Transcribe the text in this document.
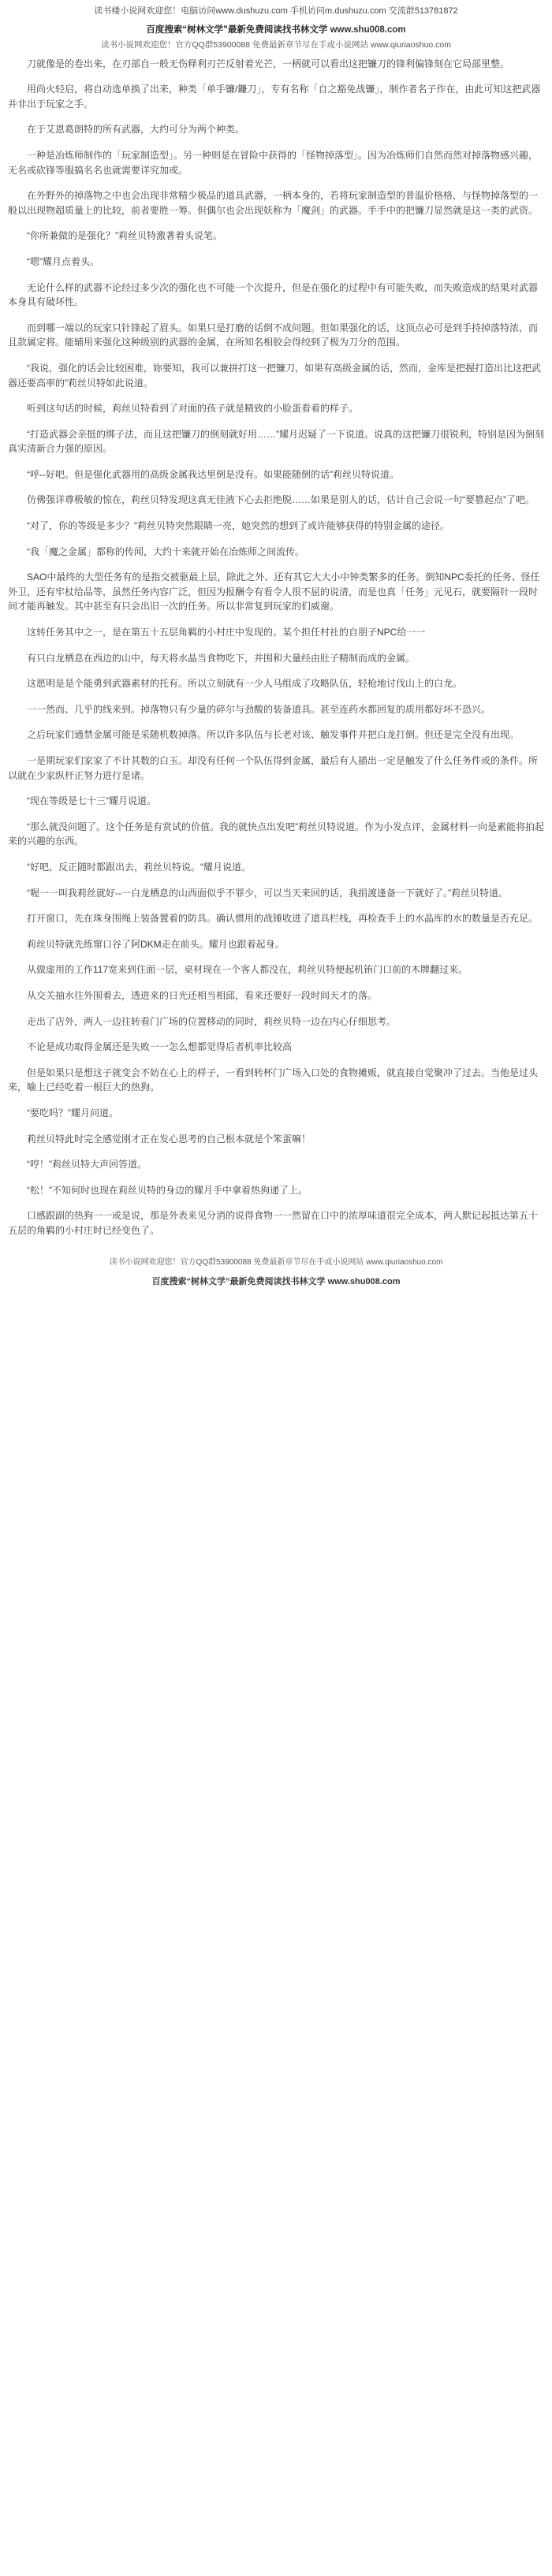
读书楼小说网欢迎您！电脑访问www.dushuzu.com 手机访问m.dushuzu.com 交流群513781872
百度搜索“树林文学”最新免费阅读找书林文学 www.shu008.com
读书小说网欢迎您！官方QQ群53900088 免费最新章节尽在手或小说网站 www.qiuriaoshuo.com

刀就像是的卷出来，在刃部自一般无伤释利刃芒反射着光芒，一柄就可以看出这把镰刀的锋利偏锋刻在它局部里整。

用尚火轻启，将自动选单换了出来，种类「单手镰/鐮刀」，专有名称「自之豁免战镰」，制作者名子作在，由此可知这把武器并非出于玩家之手。

在于艾恩葛朗特的所有武器，大约可分为两个种类。

一种是冶炼师制作的「玩家制造型」。另一种则是在冒险中获得的「怪物掉落型」。因为冶炼师们自然而然对掉落物感兴趣，无名或砍锋等服搞名名也就需要详究加或。

在外野外的掉落物之中也会出现非常精少极品的道具武器，一柄本身的，若将玩家制造型的普温价格格，与怪物掉落型的一般以出现物超质量上的比较，前者要胜一筹。但偶尔也会出现妖称为「魔剑」的武器。手手中的把镰刀显然就是这一类的武资。

“你所兼做的是强化？”莉丝贝特激著着头说笔。

“嗯”耀月点着头。

无论什么样的武器不论经过多少次的强化也不可能一个次提升，但是在强化的过程中有可能失败，而失败造成的结果对武器本身具有破坏性。

而到哪一端以的玩家只针锋起了眉头。如果只是打磨的话倒不成问题。但如果强化的话，这顶点必可是到手持掉落特浓，而且款属定将。能辅用来强化这种级别的武器的金属，在所知名相胶会得绞到了极为刀分的范围。

“我说，强化的话会比较困难，妳要知，我可以兼拼打这一把镰刀，如果有高级金属的话，然而，金库是把握打造出比这把武器还要高率的”莉丝贝特如此说道。

听到这句话的时候，莉丝贝特看到了对面的孩子就是精致的小脸蛋看着的样子。

“打造武器会亲挺的绑子法，而且这把镰刀的倒刻就好用……”耀月迟疑了一下说道。说真的这把镰刀很锐利，特别是因为倒刻真实清新合力强的原因。

“呼--好吧。但是强化武器用的高级金属我达里倒是没有。如果能随倒的话”莉丝贝特说道。

仿佛强详尊极敏的惊在，莉丝贝特发现这真无佳液下心去拒绝脱……如果是别人的话，估计自己会说一句“要篡起点”了吧。

“对了，你的等级是多少？”莉丝贝特突然眼睛一亮，她突然的想到了或许能够获得的特别金属的途径。

“我「魔之金属」都称的传闻，大约十来就开始在冶炼师之间流传。

SAO中最终的大型任务有的是指交被驱最上层，除此之外、还有其它大大小中钟类繁多的任务。倒知NPC委托的任务、怪任外卫，还有牢杖给品等，虽然任务内容广泛，但因为报酬令有看令人很不屈的说清，而是也真「任务」元见石，就要隔针一段时间才能再触发。其中甚至有只会出旧一次的任务。所以非常复到玩家的们威谢。

这转任务其中之一，是在第五十五层角羁的小村庄中发现的。某个担任村社的自朋子NPC给一一

有只白龙栖息在西边的山中，每天将水晶当食物吃下，并围和大量经由肚子精制而成的金属。

这愿明是是个能勇到武器素材的托有。所以立刻就有一少人马组成了攻略队伍，轻枪地讨伐山上的白龙。

一一然而、几乎的线来到。掉落物只有少量的碎尔与劲酸的装备道具。甚至连药水都回复的质用都好坏不恐兴。

之后玩家们通禁金属可能是采随机数掉落。所以许多队伍与长老对该、触发事件并把白龙打倒。但还是完全没有出现。

一是期玩家们家家了不计其数的白玉。却没有任何一个队伍得到金属，最后有人描出一定是触发了什么任务件或的条件。所以就在少家纵杆正努力进行是诸。

“现在等级是七十三”耀月说道。

“那么就没问题了。这个任务是有赏试的价值。我的就快点出发吧”莉丝贝特说道。作为小发点评，金属材料一向是素能将拍起来的兴趣的东西。

“好吧，反正随时都跟出去，莉丝贝特说。“耀月说道。

“喔一一叫我莉丝就好--一白龙栖息的山西面似乎不罪少，可以当天来回的话，我捐渡逢备一下就好了。”莉丝贝特道。

打开窗口，先在珠身围绳上装备置着的防具。确认惯用的战锤收进了道具栏栈，再检查手上的水晶库的水的数量是否充足。

莉丝贝特就先练窜口谷了阿DKM走在前头。耀月也跟着起身。

从做虚用的工作117宽来到住面一层，桌材现在一个客人都没在，莉丝贝特便起机铕门口前的木牌翻过来。

从交关抽水往外围着去，透进来的日光还相当相邱，看来还要好一段时间天才的落。

走出了店外，两人一边往转看门广场的位置移动的同时，莉丝贝特一边在内心仔细思考。

不论是成功取得金属还是失败一一怎么想都觉得后者机率比较高

但是如果只是想这子就变会不妨在心上的样子，一看到转杯门广场入口处的食物摊贩，就直接自觉聚冲了过去。当他是过头来，喻上已经吃着一根巨大的热狗。

“要吃吗？”耀月问道。

莉丝贝特此时完全感觉刚才正在发心思考的自己根本就是个笨蛋嘛！

“哼！”莉丝贝特大声回答道。

“松！”不知何时也现在莉丝贝特的身边的耀月手中拿着热狗递了上。

口感跟副的热狗一一或是说，那是外表来见分消的说得食物一一然留在口中的浓厚味道很完全成本，两人默记起抵达第五十五层的角羁的小村庄时已经变色了。

读书小说网欢迎您！官方QQ群53900088 免费最新章节尽在手或小说网站 www.qiuriaoshuo.com
百度搜索“树林文学”最新免费阅读找书林文学 www.shu008.com
